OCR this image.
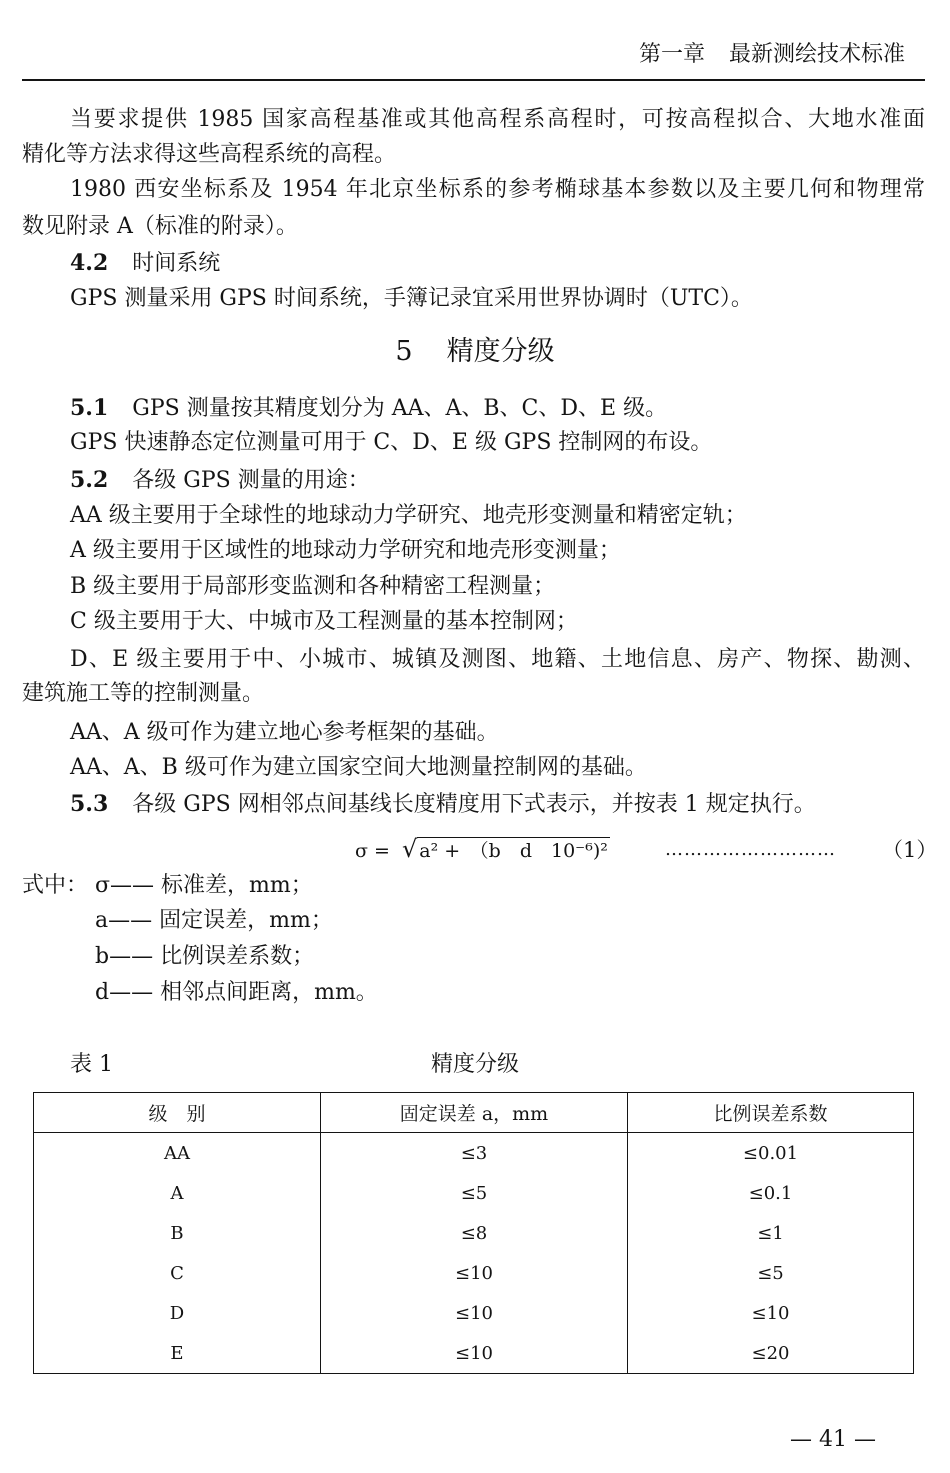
第一章 最新测绘技术标准
当要求提供 1985 国家高程基准或其他高程系高程时，可按高程拟合、大地水准面
精化等方法求得这些高程系统的高程。
1980 西安坐标系及 1954 年北京坐标系的参考椭球基本参数以及主要几何和物理常
数见附录 A（标准的附录）。
4.2 时间系统
GPS 测量采用 GPS 时间系统，手簿记录宜采用世界协调时（UTC）。
5 精度分级
5.1 GPS 测量按其精度划分为 AA、A、B、C、D、E 级。
GPS 快速静态定位测量可用于 C、D、E 级 GPS 控制网的布设。
5.2 各级 GPS 测量的用途：
AA 级主要用于全球性的地球动力学研究、地壳形变测量和精密定轨；
A 级主要用于区域性的地球动力学研究和地壳形变测量；
B 级主要用于局部形变监测和各种精密工程测量；
C 级主要用于大、中城市及工程测量的基本控制网；
D、E 级主要用于中、小城市、城镇及测图、地籍、土地信息、房产、物探、勘测、
建筑施工等的控制测量。
AA、A 级可作为建立地心参考框架的基础。
AA、A、B 级可作为建立国家空间大地测量控制网的基础。
5.3 各级 GPS 网相邻点间基线长度精度用下式表示，并按表 1 规定执行。
σ = √ a² +　（b　d　10⁻⁶)²	……………………… （1）
式中： σ—— 标准差，mm；
a—— 固定误差，mm；
b—— 比例误差系数；
d—— 相邻点间距离，mm。
表 1	精度分级
级　别	固定误差 a，mm	比例误差系数
AA	≤3	≤0.01
A	≤5	≤0.1
B	≤8	≤1
C	≤10	≤5
D	≤10	≤10
E	≤10	≤20
— 41 —
